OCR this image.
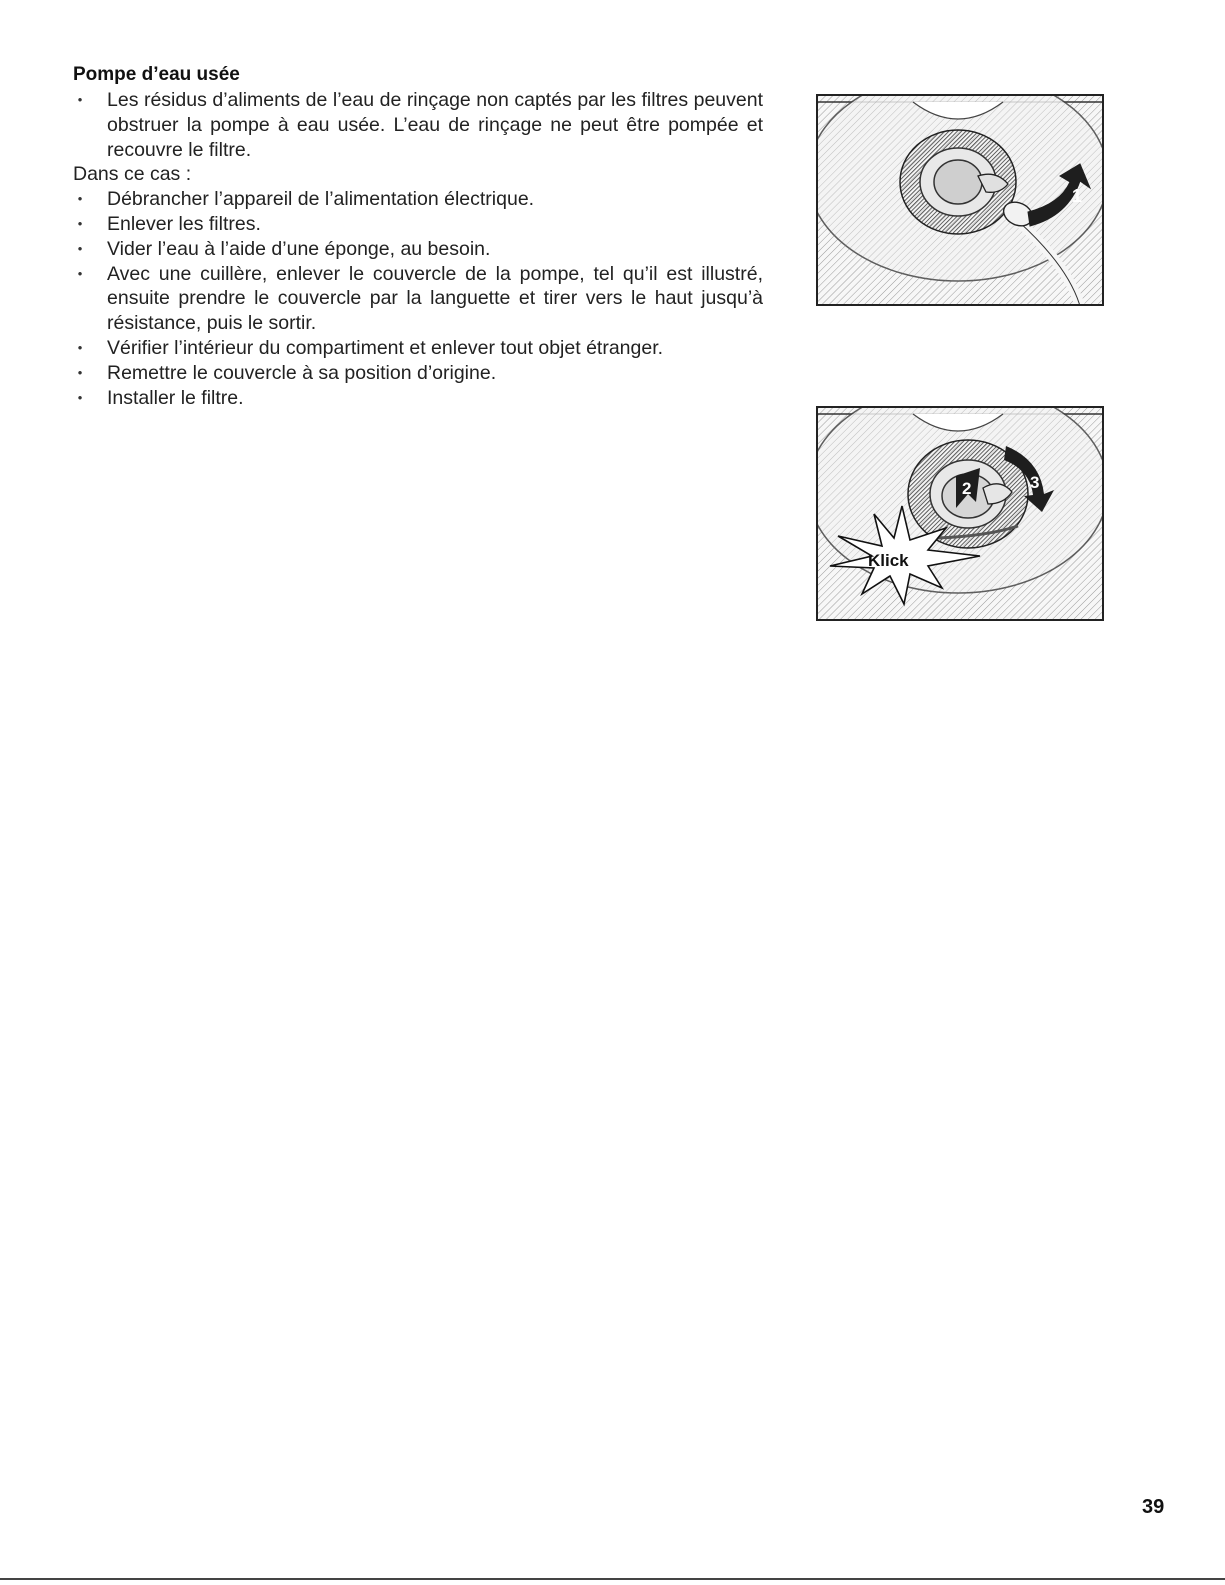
Pompe d’eau usée
• Les résidus d’aliments de l’eau de rinçage non captés par les filtres peuvent obstruer la pompe à eau usée. L’eau de rinçage ne peut être pompée et recouvre le filtre.

Dans ce cas :

• Débrancher l’appareil de l’alimentation électrique.
• Enlever les filtres.
• Vider l’eau à l’aide d’une éponge, au besoin.
• Avec une cuillère, enlever le couvercle de la pompe, tel qu’il est illustré, ensuite prendre le couvercle par la languette et tirer vers le haut jusqu’à résistance, puis le sortir.
• Vérifier l’intérieur du compartiment et enlever tout objet étranger.
• Remettre le couvercle à sa position d’origine.
• Installer le filtre.
1
2	3
Klick
39
